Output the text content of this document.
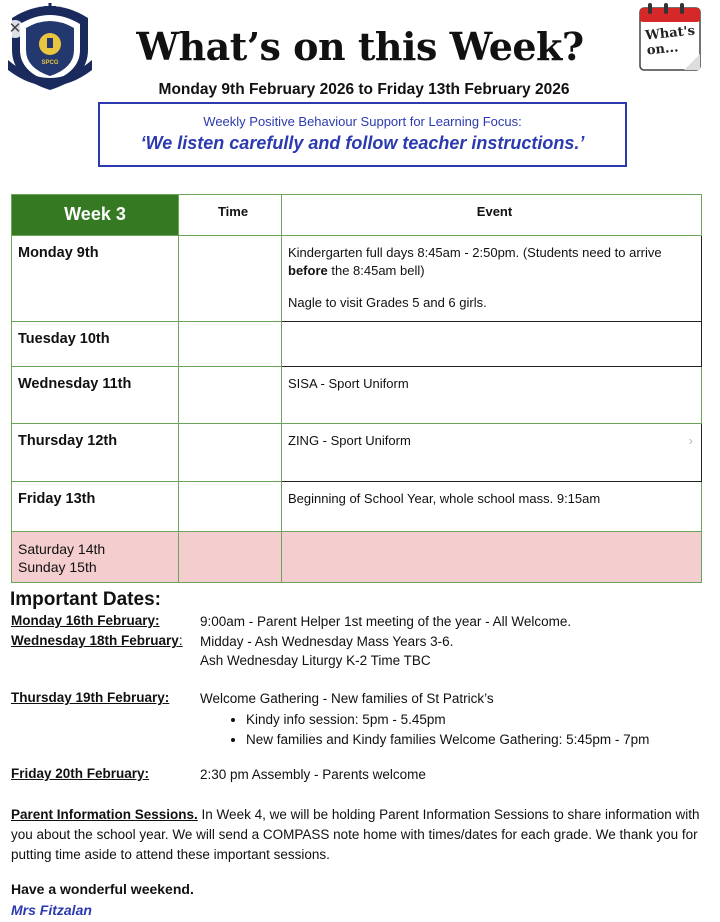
SPCG
✕	What's on...
What’s on this Week?
Monday 9th February 2026 to Friday 13th February 2026
Weekly Positive Behaviour Support for Learning Focus:
‘We listen carefully and follow teacher instructions.’
Week 3	Time	Event
Monday 9th		Kindergarten full days 8:45am - 2:50pm. (Students need to arrive before the 8:45am bell)
Nagle to visit Grades 5 and 6 girls.

Tuesday 10th		
Wednesday 11th		SISA - Sport Uniform
Thursday 12th		ZING - Sport Uniform ›

Friday 13th		Beginning of School Year, whole school mass. 9:15am

Saturday 14th
Sunday 15th		

Important Dates:
Monday 16th February:	9:00am - Parent Helper 1st meeting of the year - All Welcome.
Wednesday 18th February: Midday - Ash Wednesday Mass Years 3-6.
Ash Wednesday Liturgy K-2 Time TBC
Thursday 19th February: Welcome Gathering - New families of St Patrick’s
• Kindy info session: 5pm - 5.45pm
• New families and Kindy families Welcome Gathering: 5:45pm - 7pm
Friday 20th February:	2:30 pm Assembly - Parents welcome
Parent Information Sessions. In Week 4, we will be holding Parent Information Sessions to share information with you about the school year. We will send a COMPASS note home with times/dates for each grade. We thank you for putting time aside to attend these important sessions.
Have a wonderful weekend.
Mrs Fitzalan
